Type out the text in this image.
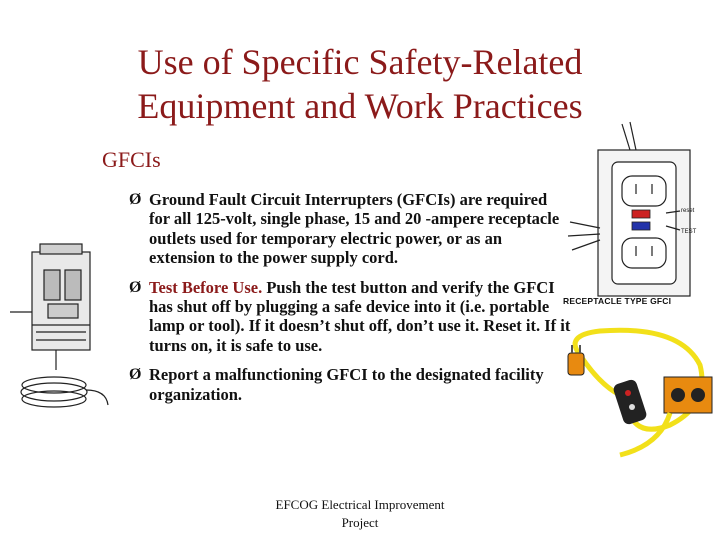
Use of Specific Safety-Related
Equipment and Work Practices
GFCIs
Ø Ground Fault Circuit Interrupters (GFCIs) are required for all 125-volt, single phase, 15 and 20 -ampere receptacle outlets used for temporary electric power, or as an extension to the power supply cord.
Ø Test Before Use. Push the test button and verify the GFCI has shut off by plugging a safe device into it (i.e. portable lamp or tool). If it doesn’t shut off, don’t use it. Reset it. If it turns on, it is safe to use.
Ø Report a malfunctioning GFCI to the designated facility organization.
reset
TEST
RECEPTACLE TYPE GFCI
EFCOG Electrical Improvement
Project
